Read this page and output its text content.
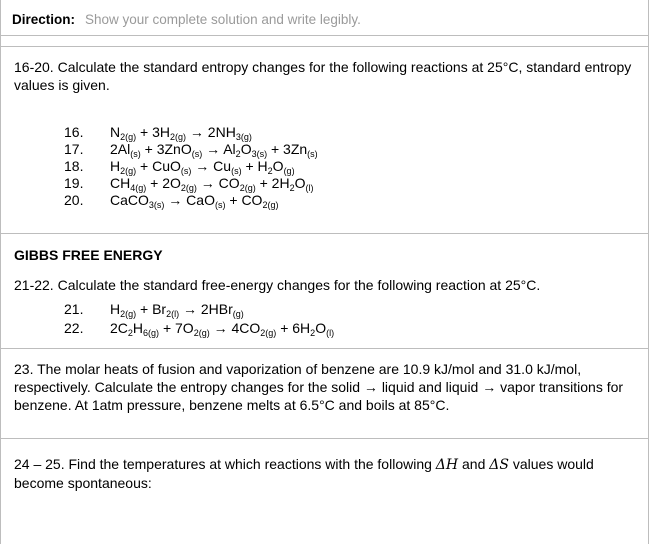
Direction: Show your complete solution and write legibly.
16-20. Calculate the standard entropy changes for the following reactions at 25°C, standard entropy values is given.
16.	$N_{2(g)} + 3H_{2(g)} \to 2NH_{3(g)}$
17.	$2Al_{(s)} + 3ZnO_{(s)} \to Al_2O_{3(s)} + 3Zn_{(s)}$
18.	$H_{2(g)} + CuO_{(s)} \to Cu_{(s)} + H_2O_{(g)}$
19.	$CH_{4(g)} + 2O_{2(g)} \to CO_{2(g)} + 2H_2O_{(l)}$
20.	CaCO$_{3(s)}$ → $CaO_{(s)} + CO_{2(g)}$
GIBBS FREE ENERGY
21-22. Calculate the standard free-energy changes for the following reaction at 25°C.
21.	$H_{2(g)} + Br_{2(l)} \to 2HBr_{(g)}$
22.	$2C_2H_{6(g)} + 7O_{2(g)} \to 4CO_{2(g)} + 6H_2O_{(l)}$
23. The molar heats of fusion and vaporization of benzene are 10.9 kJ/mol and 31.0 kJ/mol, respectively. Calculate the entropy changes for the solid → liquid and liquid → vapor transitions for benzene. At 1atm pressure, benzene melts at 6.5°C and boils at 85°C.
24 – 25. Find the temperatures at which reactions with the following ΔH and ΔS values would become spontaneous:
